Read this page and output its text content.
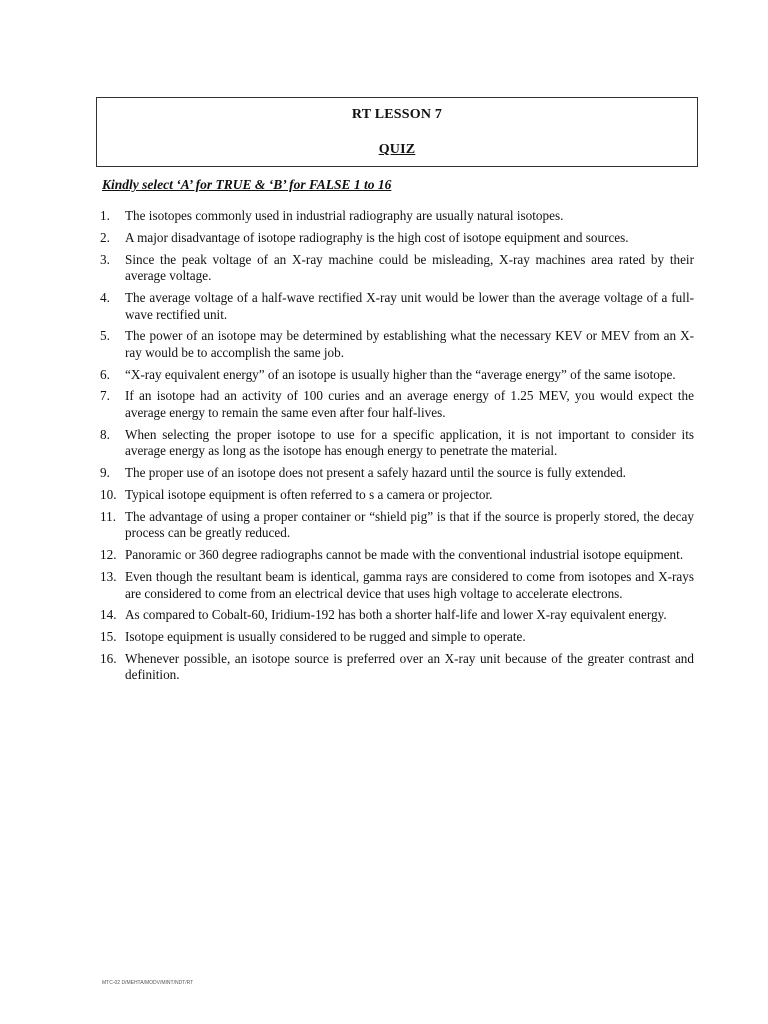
RT LESSON 7
QUIZ
Kindly select ‘A’ for TRUE & ‘B’ for FALSE 1 to 16
1. The isotopes commonly used in industrial radiography are usually natural isotopes.
2. A major disadvantage of isotope radiography is the high cost of isotope equipment and sources.
3. Since the peak voltage of an X-ray machine could be misleading, X-ray machines area rated by their average voltage.
4. The average voltage of a half-wave rectified X-ray unit would be lower than the average voltage of a full-wave rectified unit.
5. The power of an isotope may be determined by establishing what the necessary KEV or MEV from an X-ray would be to accomplish the same job.
6. “X-ray equivalent energy” of an isotope is usually higher than the “average energy” of the same isotope.
7. If an isotope had an activity of 100 curies and an average energy of 1.25 MEV, you would expect the average energy to remain the same even after four half-lives.
8. When selecting the proper isotope to use for a specific application, it is not important to consider its average energy as long as the isotope has enough energy to penetrate the material.
9. The proper use of an isotope does not present a safely hazard until the source is fully extended.
10. Typical isotope equipment is often referred to s a camera or projector.
11. The advantage of using a proper container or “shield pig” is that if the source is properly stored, the decay process can be greatly reduced.
12. Panoramic or 360 degree radiographs cannot be made with the conventional industrial isotope equipment.
13. Even though the resultant beam is identical, gamma rays are considered to come from isotopes and X-rays are considered to come from an electrical device that uses high voltage to accelerate electrons.
14. As compared to Cobalt-60, Iridium-192 has both a shorter half-life and lower X-ray equivalent energy.
15. Isotope equipment is usually considered to be rugged and simple to operate.
16. Whenever possible, an isotope source is preferred over an X-ray unit because of the greater contrast and definition.
MTC-02 D/MEHTA/MODV/MINT/NDT/RT
